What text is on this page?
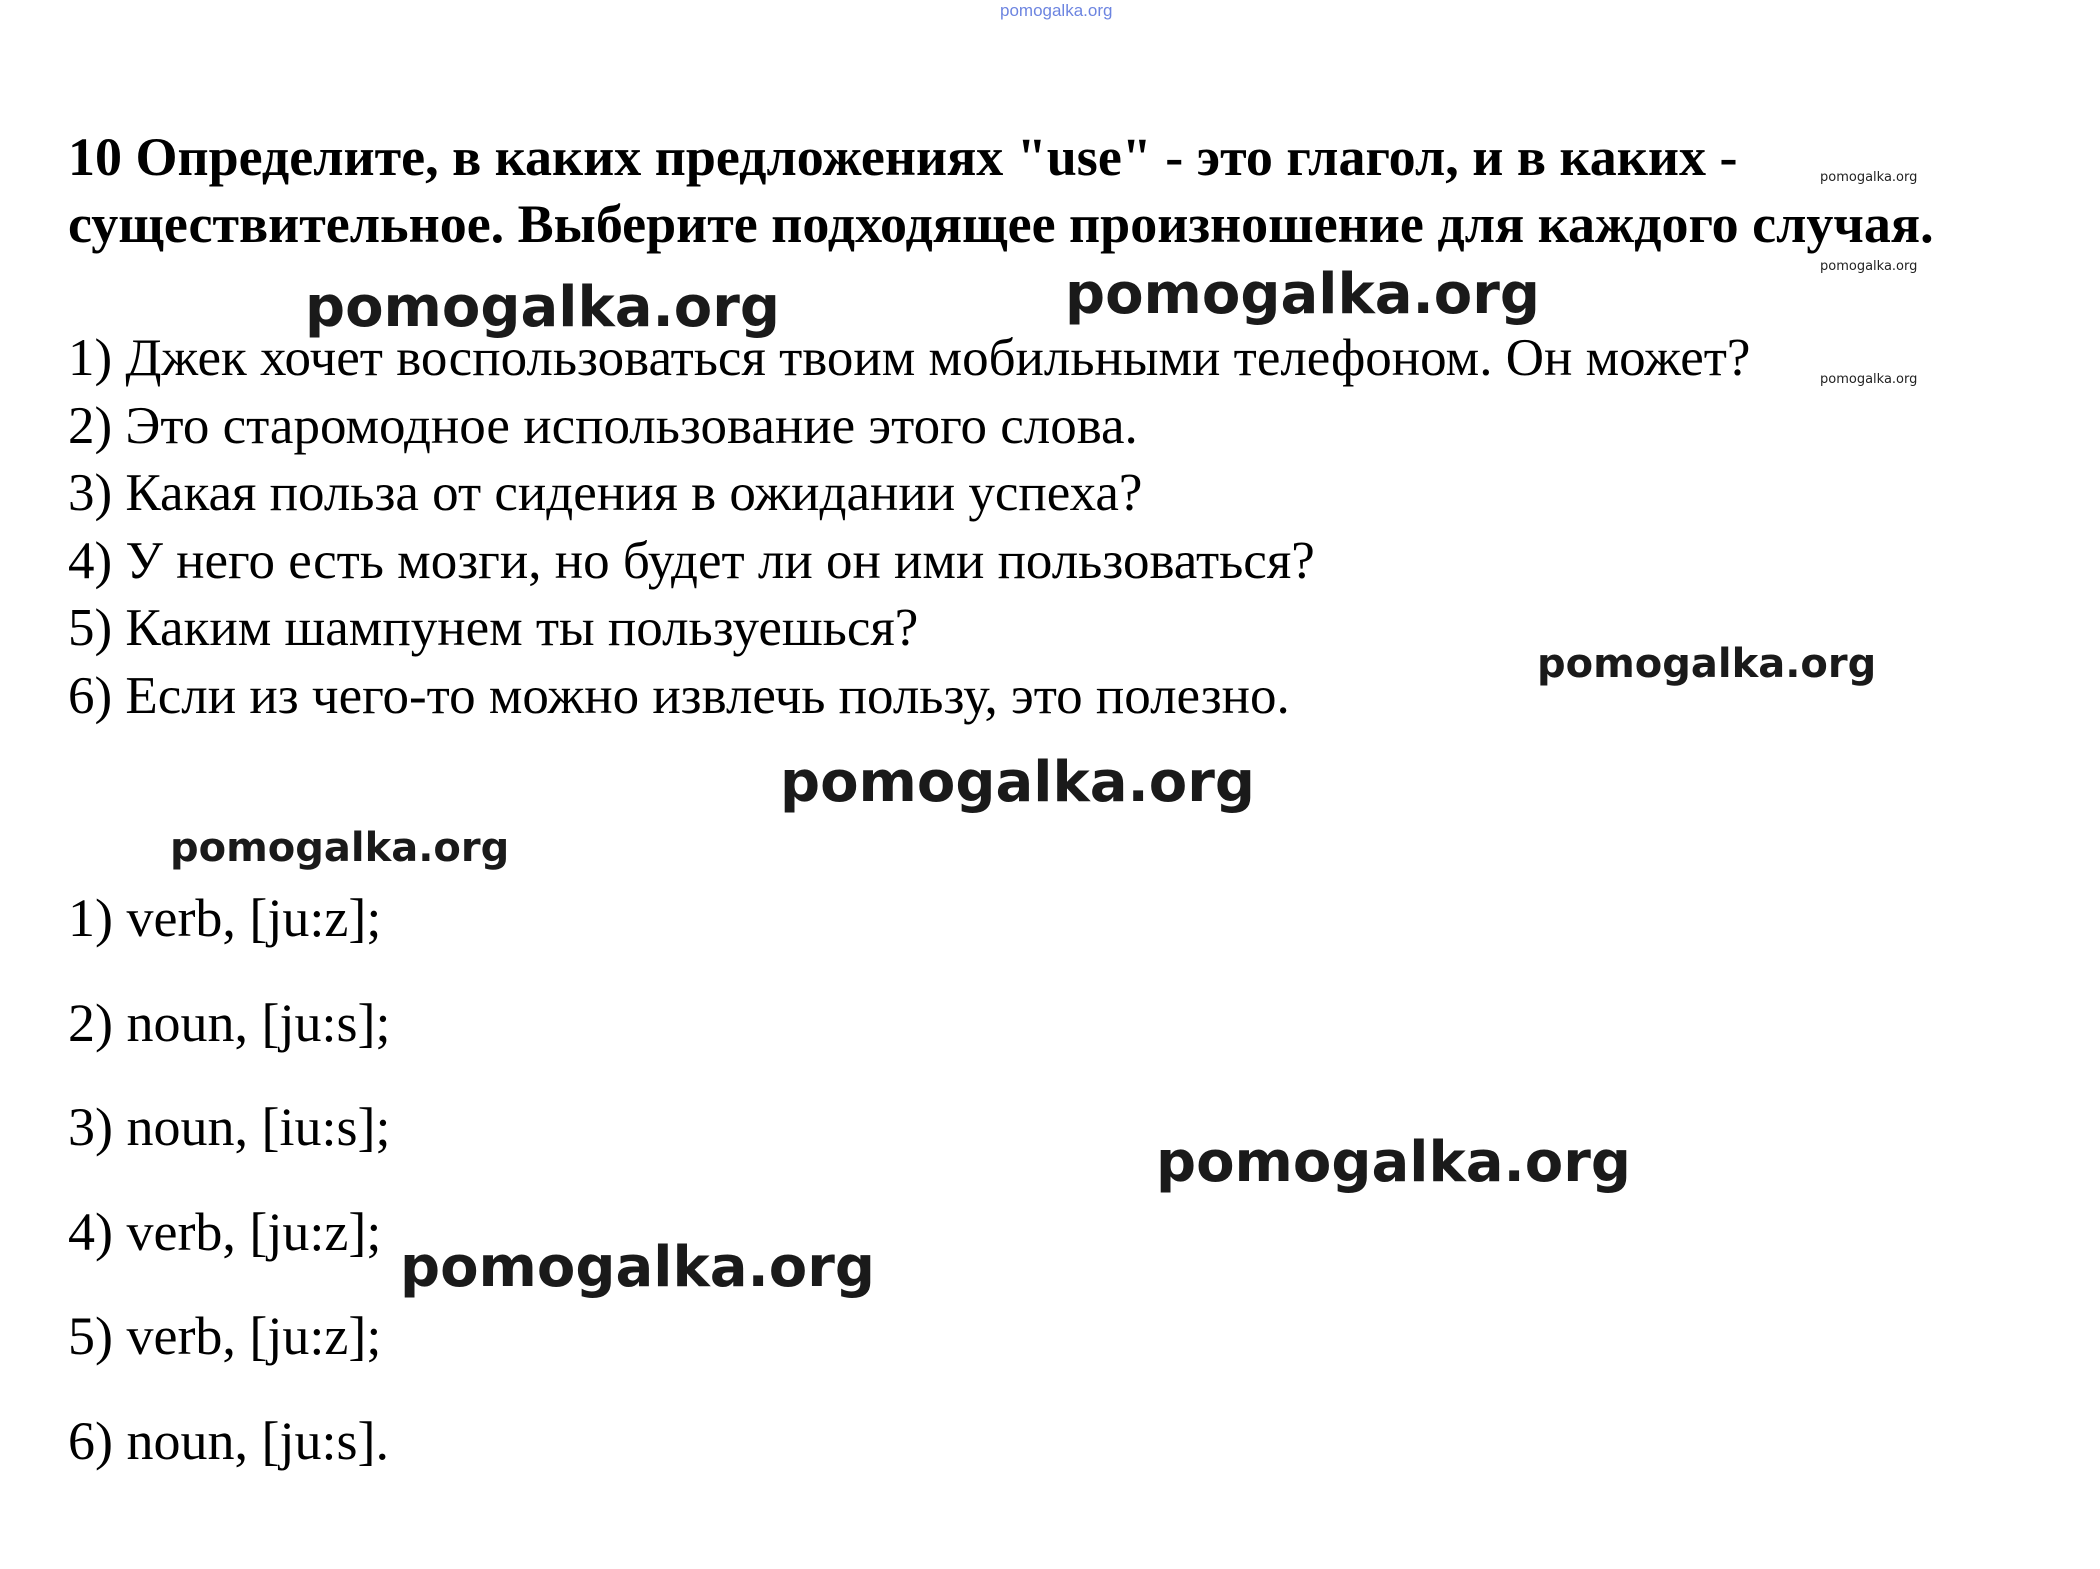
pomogalka.org
10 Определите, в каких предложениях "use" - это глагол, и в каких - существительное. Выберите подходящее произношение для каждого случая.
1) Джек хочет воспользоваться твоим мобильными телефоном. Он может?
2) Это старомодное использование этого слова.
3) Какая польза от сидения в ожидании успеха?
4) У него есть мозги, но будет ли он ими пользоваться?
5) Каким шампунем ты пользуешься?
6) Если из чего-то можно извлечь пользу, это полезно.
1) verb, [ju:z];
2) noun, [ju:s];
3) noun, [iu:s];
4) verb, [ju:z];
5) verb, [ju:z];
6) noun, [ju:s].
pomogalka.org
pomogalka.org
pomogalka.org
pomogalka.org	pomogalka.org
pomogalka.org
pomogalka.org
pomogalka.org
pomogalka.org
pomogalka.org
